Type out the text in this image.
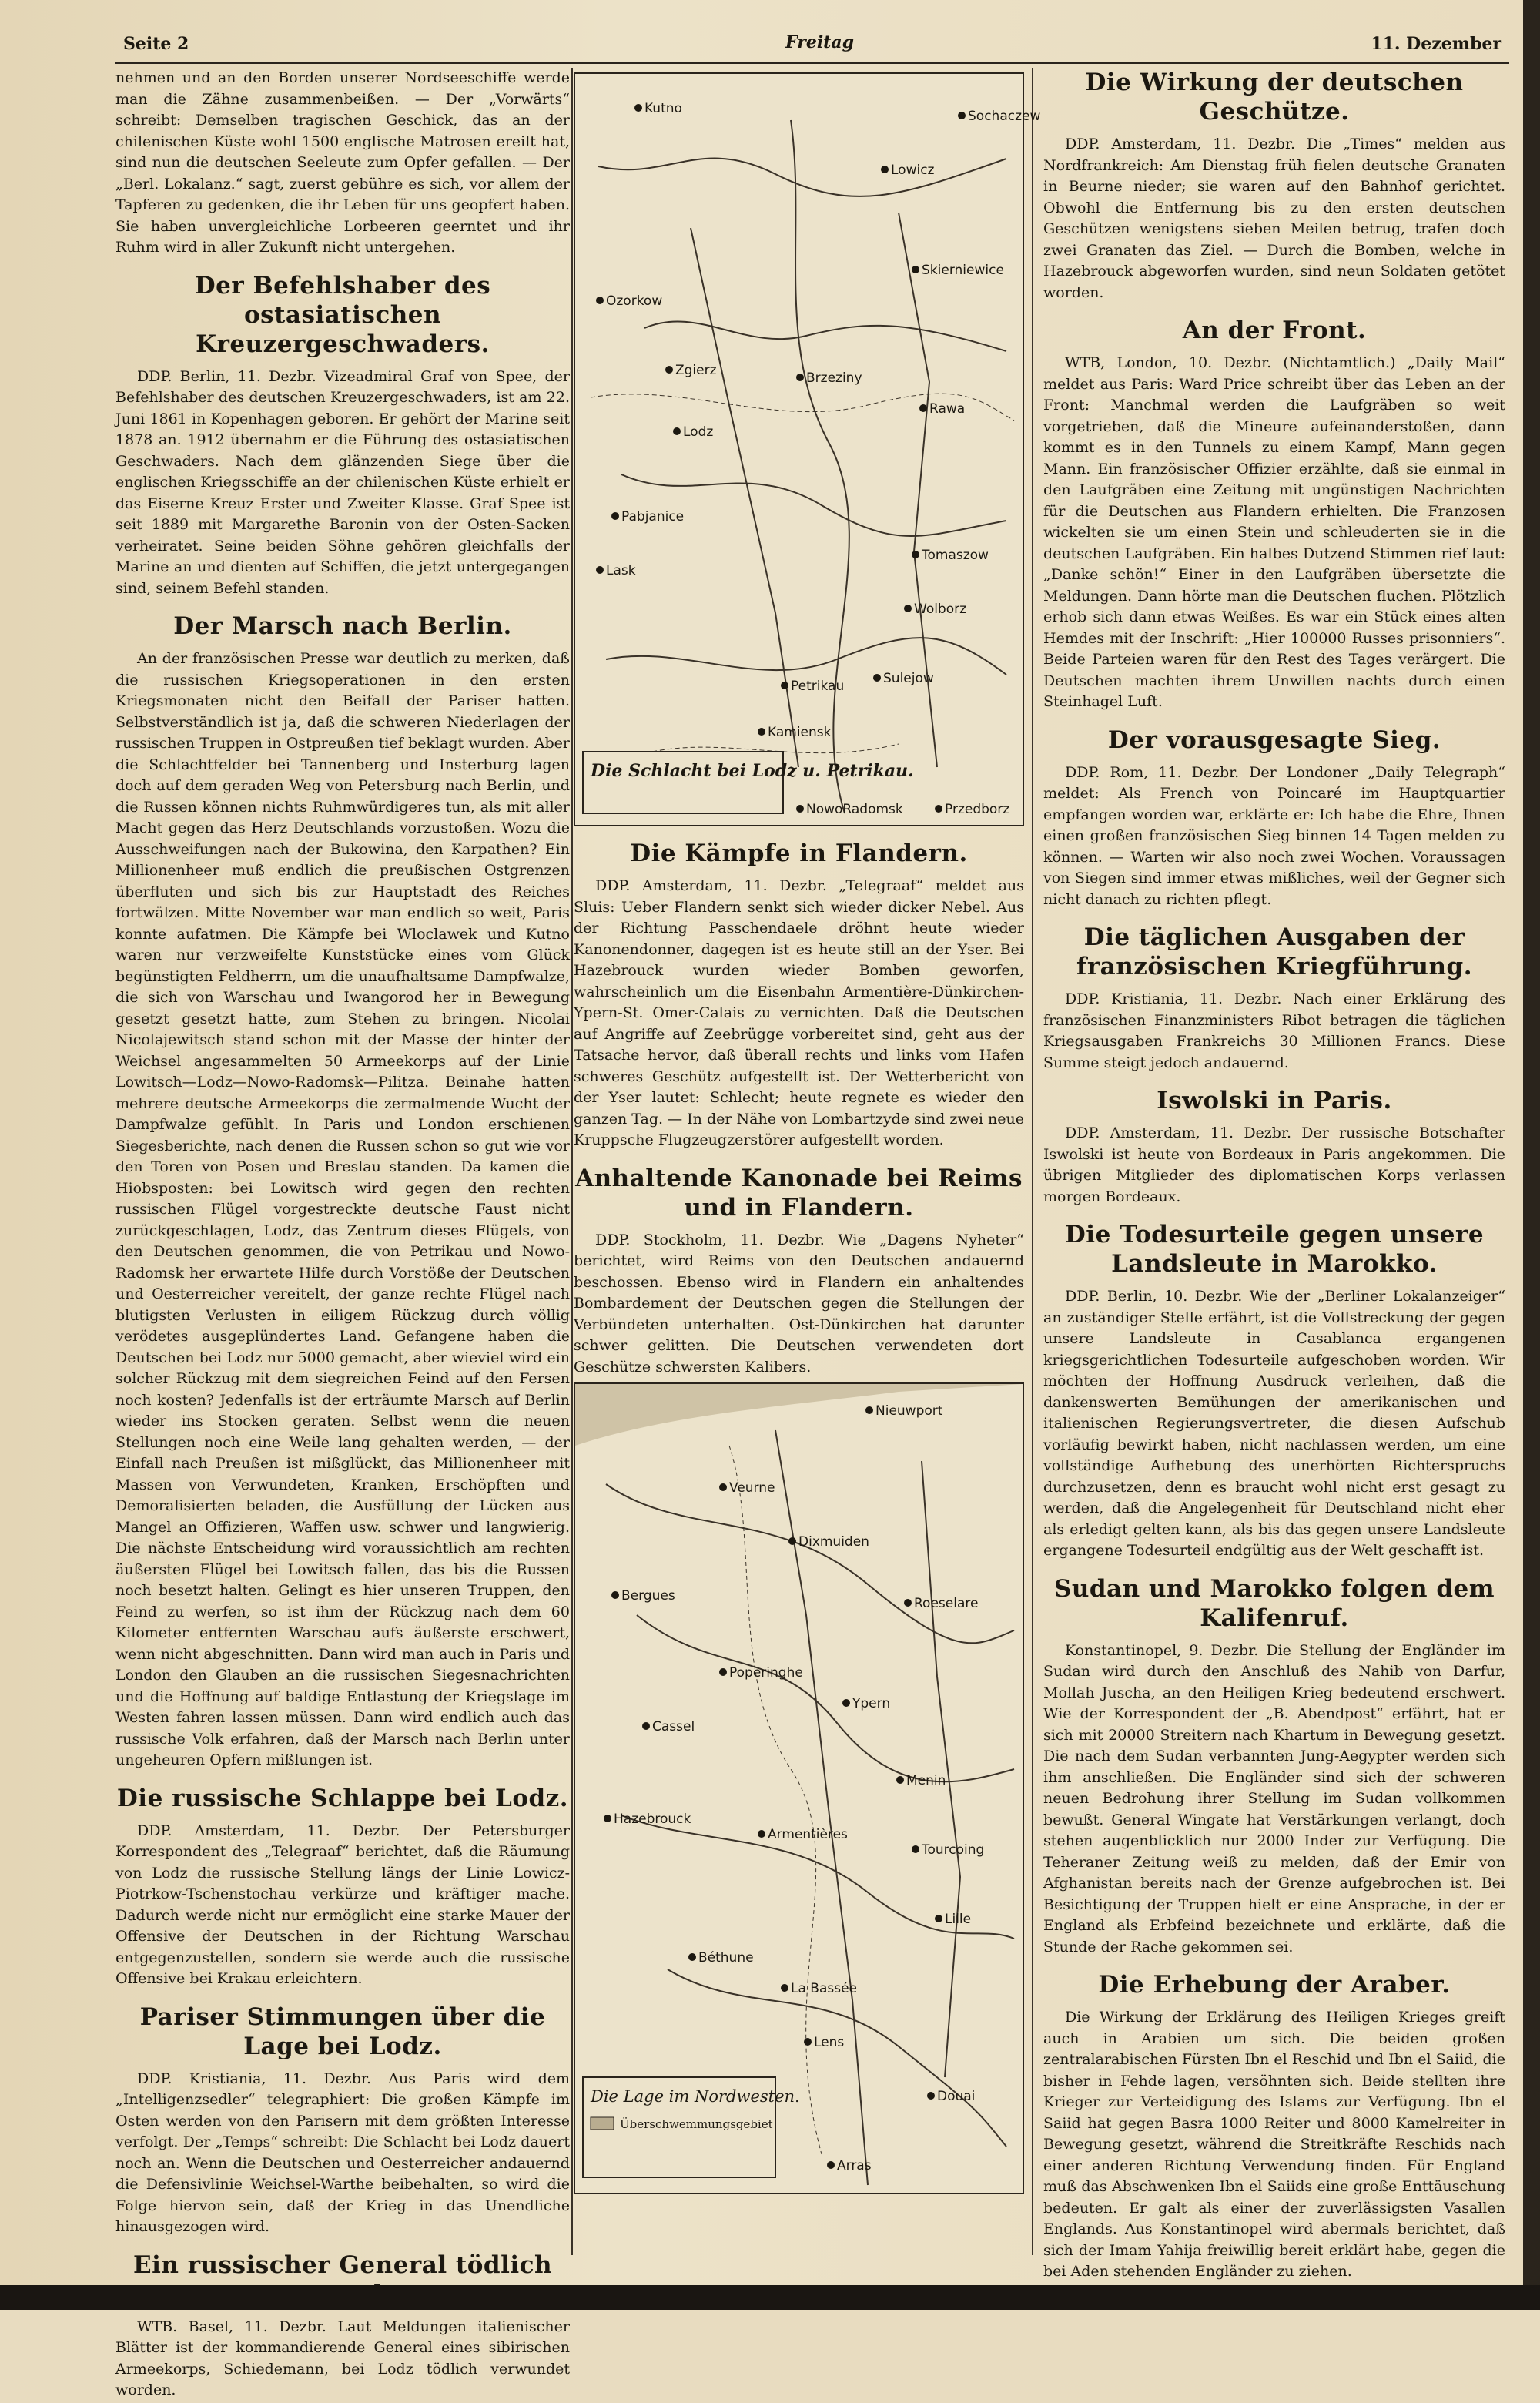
Seite 2	Freitag	11. Dezember

nehmen und an den Borden unserer Nordseeschiffe werde man die Zähne zusammenbeißen. — Der „Vorwärts“ schreibt: Demselben tragischen Geschick, das an der chilenischen Küste wohl 1500 englische Matrosen ereilt hat, sind nun die deutschen Seeleute zum Opfer gefallen. — Der „Berl. Lokalanz.“ sagt, zuerst gebühre es sich, vor allem der Tapferen zu gedenken, die ihr Leben für uns geopfert haben. Sie haben unvergleichliche Lorbeeren geerntet und ihr Ruhm wird in aller Zukunft nicht untergehen.

Der Befehlshaber des ostasiatischen Kreuzergeschwaders.

DDP. Berlin, 11. Dezbr. Vizeadmiral Graf von Spee, der Befehlshaber des deutschen Kreuzergeschwaders, ist am 22. Juni 1861 in Kopenhagen geboren. Er gehört der Marine seit 1878 an. 1912 übernahm er die Führung des ostasiatischen Geschwaders. Nach dem glänzenden Siege über die englischen Kriegsschiffe an der chilenischen Küste erhielt er das Eiserne Kreuz Erster und Zweiter Klasse. Graf Spee ist seit 1889 mit Margarethe Baronin von der Osten-Sacken verheiratet. Seine beiden Söhne gehören gleichfalls der Marine an und dienten auf Schiffen, die jetzt untergegangen sind, seinem Befehl standen.

Der Marsch nach Berlin.

An der französischen Presse war deutlich zu merken, daß die russischen Kriegsoperationen in den ersten Kriegsmonaten nicht den Beifall der Pariser hatten. Selbstverständlich ist ja, daß die schweren Niederlagen der russischen Truppen in Ostpreußen tief beklagt wurden. Aber die Schlachtfelder bei Tannenberg und Insterburg lagen doch auf dem geraden Weg von Petersburg nach Berlin, und die Russen können nichts Ruhmwürdigeres tun, als mit aller Macht gegen das Herz Deutschlands vorzustoßen. Wozu die Ausschweifungen nach der Bukowina, den Karpathen? Ein Millionenheer muß endlich die preußischen Ostgrenzen überfluten und sich bis zur Hauptstadt des Reiches fortwälzen. Mitte November war man endlich so weit, Paris konnte aufatmen. Die Kämpfe bei Wloclawek und Kutno waren nur verzweifelte Kunststücke eines vom Glück begünstigten Feldherrn, um die unaufhaltsame Dampfwalze, die sich von Warschau und Iwangorod her in Bewegung gesetzt gesetzt hatte, zum Stehen zu bringen. Nicolai Nicolajewitsch stand schon mit der Masse der hinter der Weichsel angesammelten 50 Armeekorps auf der Linie Lowitsch—Lodz—Nowo-Radomsk—Pilitza. Beinahe hatten mehrere deutsche Armeekorps die zermalmende Wucht der Dampfwalze gefühlt. In Paris und London erschienen Siegesberichte, nach denen die Russen schon so gut wie vor den Toren von Posen und Breslau standen. Da kamen die Hiobsposten: bei Lowitsch wird gegen den rechten russischen Flügel vorgestreckte deutsche Faust nicht zurückgeschlagen, Lodz, das Zentrum dieses Flügels, von den Deutschen genommen, die von Petrikau und Nowo-Radomsk her erwartete Hilfe durch Vorstöße der Deutschen und Oesterreicher vereitelt, der ganze rechte Flügel nach blutigsten Verlusten in eiligem Rückzug durch völlig verödetes ausgeplündertes Land. Gefangene haben die Deutschen bei Lodz nur 5000 gemacht, aber wieviel wird ein solcher Rückzug mit dem siegreichen Feind auf den Fersen noch kosten? Jedenfalls ist der erträumte Marsch auf Berlin wieder ins Stocken geraten. Selbst wenn die neuen Stellungen noch eine Weile lang gehalten werden, — der Einfall nach Preußen ist mißglückt, das Millionenheer mit Massen von Verwundeten, Kranken, Erschöpften und Demoralisierten beladen, die Ausfüllung der Lücken aus Mangel an Offizieren, Waffen usw. schwer und langwierig. Die nächste Entscheidung wird voraussichtlich am rechten äußersten Flügel bei Lowitsch fallen, das bis die Russen noch besetzt halten. Gelingt es hier unseren Truppen, den Feind zu werfen, so ist ihm der Rückzug nach dem 60 Kilometer entfernten Warschau aufs äußerste erschwert, wenn nicht abgeschnitten. Dann wird man auch in Paris und London den Glauben an die russischen Siegesnachrichten und die Hoffnung auf baldige Entlastung der Kriegslage im Westen fahren lassen müssen. Dann wird endlich auch das russische Volk erfahren, daß der Marsch nach Berlin unter ungeheuren Opfern mißlungen ist.

Die russische Schlappe bei Lodz.

DDP. Amsterdam, 11. Dezbr. Der Petersburger Korrespondent des „Telegraaf“ berichtet, daß die Räumung von Lodz die russische Stellung längs der Linie Lowicz-Piotrkow-Tschenstochau verkürze und kräftiger mache. Dadurch werde nicht nur ermöglicht eine starke Mauer der Offensive der Deutschen in der Richtung Warschau entgegenzustellen, sondern sie werde auch die russische Offensive bei Krakau erleichtern.

Pariser Stimmungen über die Lage bei Lodz.

DDP. Kristiania, 11. Dezbr. Aus Paris wird dem „Intelligenzsedler“ telegraphiert: Die großen Kämpfe im Osten werden von den Parisern mit dem größten Interesse verfolgt. Der „Temps“ schreibt: Die Schlacht bei Lodz dauert noch an. Wenn die Deutschen und Oesterreicher andauernd die Defensivlinie Weichsel-Warthe beibehalten, so wird die Folge hiervon sein, daß der Krieg in das Unendliche hinausgezogen wird.

Ein russischer General tödlich

WTB. Basel, 11. Dezbr. Laut Meldungen italienischer Blätter ist der kommandierende General eines sibirischen Armeekorps, Schiedemann, bei Lodz tödlich verwundet worden.

Kutno
Lowicz
Skierniewice
Ozorkow
Zgierz
Lodz
Brzeziny
Rawa
Pabjanice
Lask
Tomaszow
Petrikau
Wolborz
Sulejow
Przedborz
NowoRadomsk
Kamiensk
Sochaczew
Die Schlacht bei Lodz u. Petrikau.
Die Kämpfe in Flandern.

DDP. Amsterdam, 11. Dezbr. „Telegraaf“ meldet aus Sluis: Ueber Flandern senkt sich wieder dicker Nebel. Aus der Richtung Passchendaele dröhnt heute wieder Kanonendonner, dagegen ist es heute still an der Yser. Bei Hazebrouck wurden wieder Bomben geworfen, wahrscheinlich um die Eisenbahn Armentière-Dünkirchen-Ypern-St. Omer-Calais zu vernichten. Daß die Deutschen auf Angriffe auf Zeebrügge vorbereitet sind, geht aus der Tatsache hervor, daß überall rechts und links vom Hafen schweres Geschütz aufgestellt ist. Der Wetterbericht von der Yser lautet: Schlecht; heute regnete es wieder den ganzen Tag. — In der Nähe von Lombartzyde sind zwei neue Kruppsche Flugzeugzerstörer aufgestellt worden.

Anhaltende Kanonade bei Reims und in Flandern.

DDP. Stockholm, 11. Dezbr. Wie „Dagens Nyheter“ berichtet, wird Reims von den Deutschen andauernd beschossen. Ebenso wird in Flandern ein anhaltendes Bombardement der Deutschen gegen die Stellungen der Verbündeten unterhalten. Ost-Dünkirchen hat darunter schwer gelitten. Die Deutschen verwendeten dort Geschütze schwersten Kalibers.

Nieuwport
Veurne
Dixmuiden
Bergues	Roeselare
Poperinghe
Ypern
Cassel
Menin
Hazebrouck
Armentières
Tourcoing
Lille
Béthune
La Bassée
Lens
Douai
Arras
Die Lage im Nordwesten.
Überschwemmungsgebiet
Die Wirkung der deutschen Geschütze.

DDP. Amsterdam, 11. Dezbr. Die „Times“ melden aus Nordfrankreich: Am Dienstag früh fielen deutsche Granaten in Beurne nieder; sie waren auf den Bahnhof gerichtet. Obwohl die Entfernung bis zu den ersten deutschen Geschützen wenigstens sieben Meilen betrug, trafen doch zwei Granaten das Ziel. — Durch die Bomben, welche in Hazebrouck abgeworfen wurden, sind neun Soldaten getötet worden.

An der Front.

WTB, London, 10. Dezbr. (Nichtamtlich.) „Daily Mail“ meldet aus Paris: Ward Price schreibt über das Leben an der Front: Manchmal werden die Laufgräben so weit vorgetrieben, daß die Mineure aufeinanderstoßen, dann kommt es in den Tunnels zu einem Kampf, Mann gegen Mann. Ein französischer Offizier erzählte, daß sie einmal in den Laufgräben eine Zeitung mit ungünstigen Nachrichten für die Deutschen aus Flandern erhielten. Die Franzosen wickelten sie um einen Stein und schleuderten sie in die deutschen Laufgräben. Ein halbes Dutzend Stimmen rief laut: „Danke schön!“ Einer in den Laufgräben übersetzte die Meldungen. Dann hörte man die Deutschen fluchen. Plötzlich erhob sich dann etwas Weißes. Es war ein Stück eines alten Hemdes mit der Inschrift: „Hier 100000 Russes prisonniers“. Beide Parteien waren für den Rest des Tages verärgert. Die Deutschen machten ihrem Unwillen nachts durch einen Steinhagel Luft.

Der vorausgesagte Sieg.

DDP. Rom, 11. Dezbr. Der Londoner „Daily Telegraph“ meldet: Als French von Poincaré im Hauptquartier empfangen worden war, erklärte er: Ich habe die Ehre, Ihnen einen großen französischen Sieg binnen 14 Tagen melden zu können. — Warten wir also noch zwei Wochen. Voraussagen von Siegen sind immer etwas mißliches, weil der Gegner sich nicht danach zu richten pflegt.

Die täglichen Ausgaben der französischen Kriegführung.

DDP. Kristiania, 11. Dezbr. Nach einer Erklärung des französischen Finanzministers Ribot betragen die täglichen Kriegsausgaben Frankreichs 30 Millionen Francs. Diese Summe steigt jedoch andauernd.

Iswolski in Paris.

DDP. Amsterdam, 11. Dezbr. Der russische Botschafter Iswolski ist heute von Bordeaux in Paris angekommen. Die übrigen Mitglieder des diplomatischen Korps verlassen morgen Bordeaux.

Die Todesurteile gegen unsere Landsleute in Marokko.

DDP. Berlin, 10. Dezbr. Wie der „Berliner Lokalanzeiger“ an zuständiger Stelle erfährt, ist die Vollstreckung der gegen unsere Landsleute in Casablanca ergangenen kriegsgerichtlichen Todesurteile aufgeschoben worden. Wir möchten der Hoffnung Ausdruck verleihen, daß die dankenswerten Bemühungen der amerikanischen und italienischen Regierungsvertreter, die diesen Aufschub vorläufig bewirkt haben, nicht nachlassen werden, um eine vollständige Aufhebung des unerhörten Richterspruchs durchzusetzen, denn es braucht wohl nicht erst gesagt zu werden, daß die Angelegenheit für Deutschland nicht eher als erledigt gelten kann, als bis das gegen unsere Landsleute ergangene Todesurteil endgültig aus der Welt geschafft ist.

Sudan und Marokko folgen dem Kalifenruf.

Konstantinopel, 9. Dezbr. Die Stellung der Engländer im Sudan wird durch den Anschluß des Nahib von Darfur, Mollah Juscha, an den Heiligen Krieg bedeutend erschwert. Wie der Korrespondent der „B. Abendpost“ erfährt, hat er sich mit 20000 Streitern nach Khartum in Bewegung gesetzt. Die nach dem Sudan verbannten Jung-Aegypter werden sich ihm anschließen. Die Engländer sind sich der schweren neuen Bedrohung ihrer Stellung im Sudan vollkommen bewußt. General Wingate hat Verstärkungen verlangt, doch stehen augenblicklich nur 2000 Inder zur Verfügung. Die Teheraner Zeitung weiß zu melden, daß der Emir von Afghanistan bereits nach der Grenze aufgebrochen ist. Bei Besichtigung der Truppen hielt er eine Ansprache, in der er England als Erbfeind bezeichnete und erklärte, daß die Stunde der Rache gekommen sei.

Die Erhebung der Araber.

Die Wirkung der Erklärung des Heiligen Krieges greift auch in Arabien um sich. Die beiden großen zentralarabischen Fürsten Ibn el Reschid und Ibn el Saiid, die bisher in Fehde lagen, versöhnten sich. Beide stellten ihre Krieger zur Verteidigung des Islams zur Verfügung. Ibn el Saiid hat gegen Basra 1000 Reiter und 8000 Kamelreiter in Bewegung gesetzt, während die Streitkräfte Reschids nach einer anderen Richtung Verwendung finden. Für England muß das Abschwenken Ibn el Saiids eine große Enttäuschung bedeuten. Er galt als einer der zuverlässigsten Vasallen Englands. Aus Konstantinopel wird abermals berichtet, daß sich der Imam Yahija freiwillig bereit erklärt habe, gegen die bei Aden stehenden Engländer zu ziehen.
